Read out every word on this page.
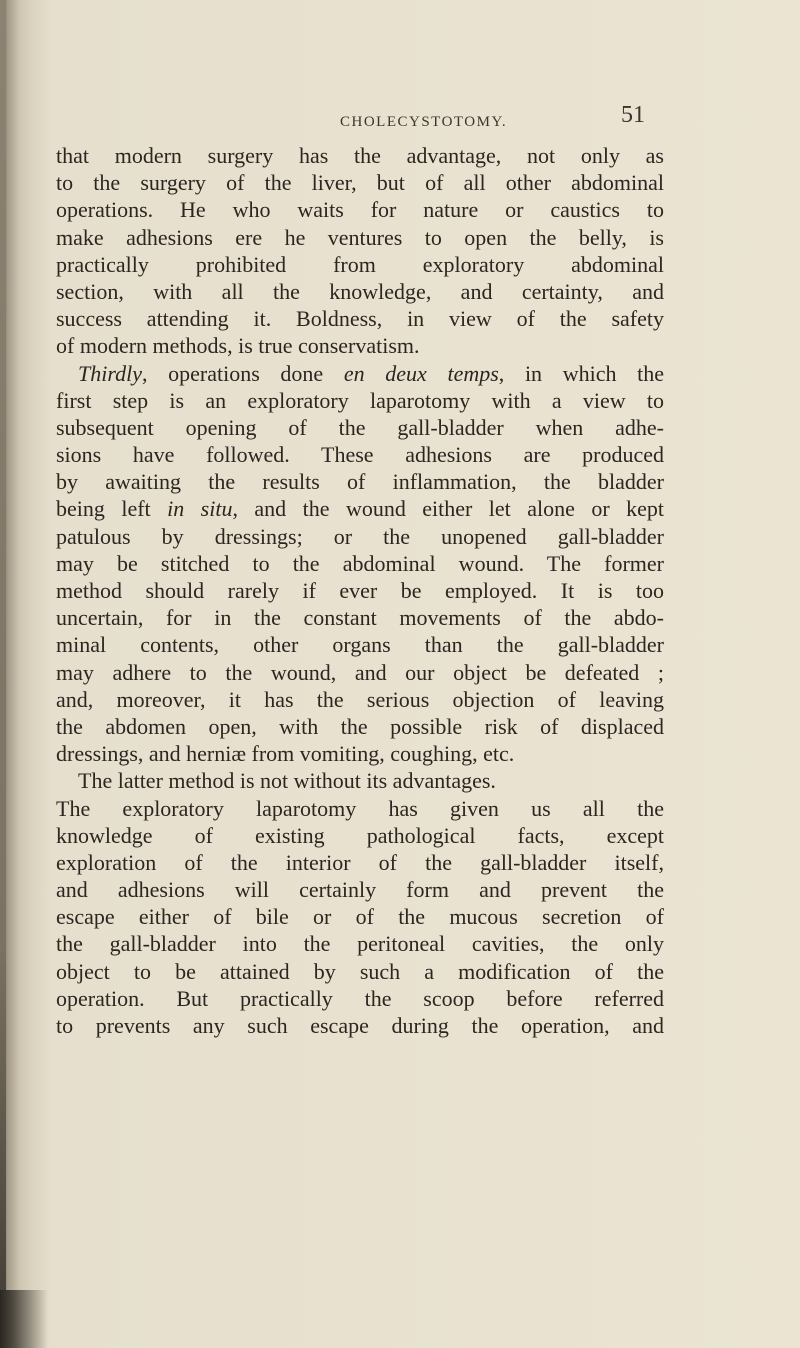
CHOLECYSTOTOMY.	51
that modern surgery has the advantage, not only as
to the surgery of the liver, but of all other abdominal
operations. He who waits for nature or caustics to
make adhesions ere he ventures to open the belly, is
practically prohibited from exploratory abdominal
section, with all the knowledge, and certainty, and
success attending it. Boldness, in view of the safety
of modern methods, is true conservatism.
Thirdly, operations done en deux temps, in which the
first step is an exploratory laparotomy with a view to
subsequent opening of the gall-bladder when adhe-
sions have followed. These adhesions are produced
by awaiting the results of inflammation, the bladder
being left in situ, and the wound either let alone or kept
patulous by dressings; or the unopened gall-bladder
may be stitched to the abdominal wound. The former
method should rarely if ever be employed. It is too
uncertain, for in the constant movements of the abdo-
minal contents, other organs than the gall-bladder
may adhere to the wound, and our object be defeated ;
and, moreover, it has the serious objection of leaving
the abdomen open, with the possible risk of displaced
dressings, and herniæ from vomiting, coughing, etc.
The latter method is not without its advantages.
The exploratory laparotomy has given us all the
knowledge of existing pathological facts, except
exploration of the interior of the gall-bladder itself,
and adhesions will certainly form and prevent the
escape either of bile or of the mucous secretion of
the gall-bladder into the peritoneal cavities, the only
object to be attained by such a modification of the
operation. But practically the scoop before referred
to prevents any such escape during the operation, and
